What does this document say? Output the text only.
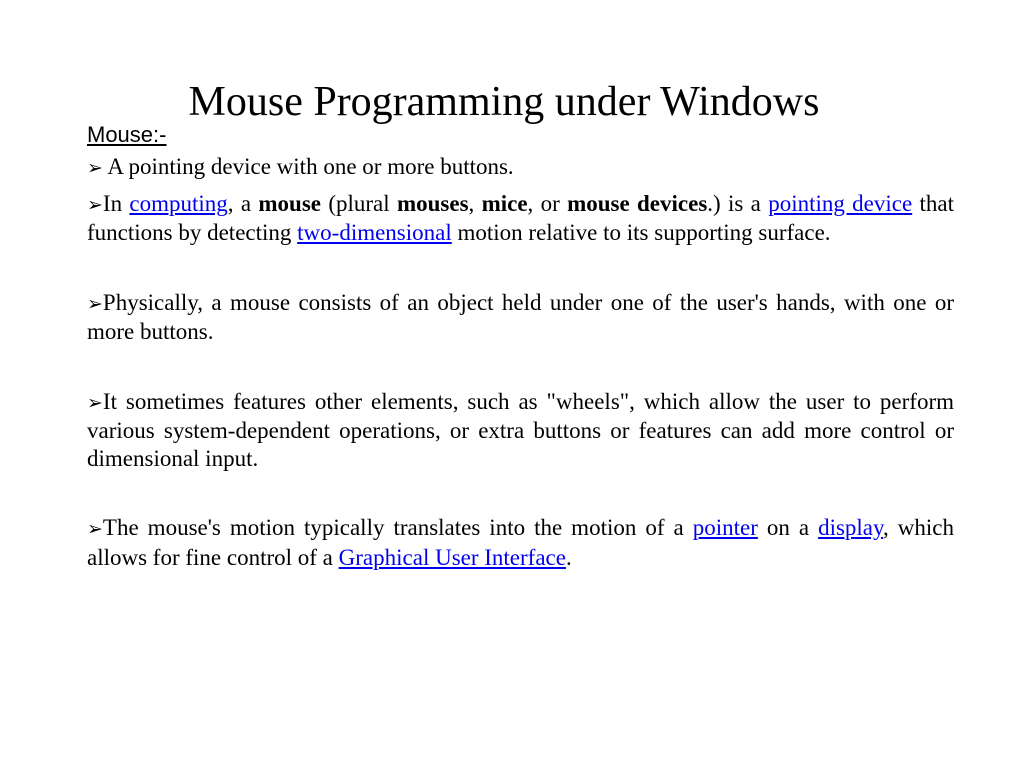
Mouse Programming under Windows
Mouse:-

➢ A pointing device with one or more buttons.

➢In computing, a mouse (plural mouses, mice, or mouse devices.) is a pointing device that functions by detecting two-dimensional motion relative to its supporting surface.

➢Physically, a mouse consists of an object held under one of the user's hands, with one or more buttons.

➢It sometimes features other elements, such as "wheels", which allow the user to perform various system-dependent operations, or extra buttons or features can add more control or dimensional input.

➢The mouse's motion typically translates into the motion of a pointer on a display, which allows for fine control of a Graphical User Interface.
